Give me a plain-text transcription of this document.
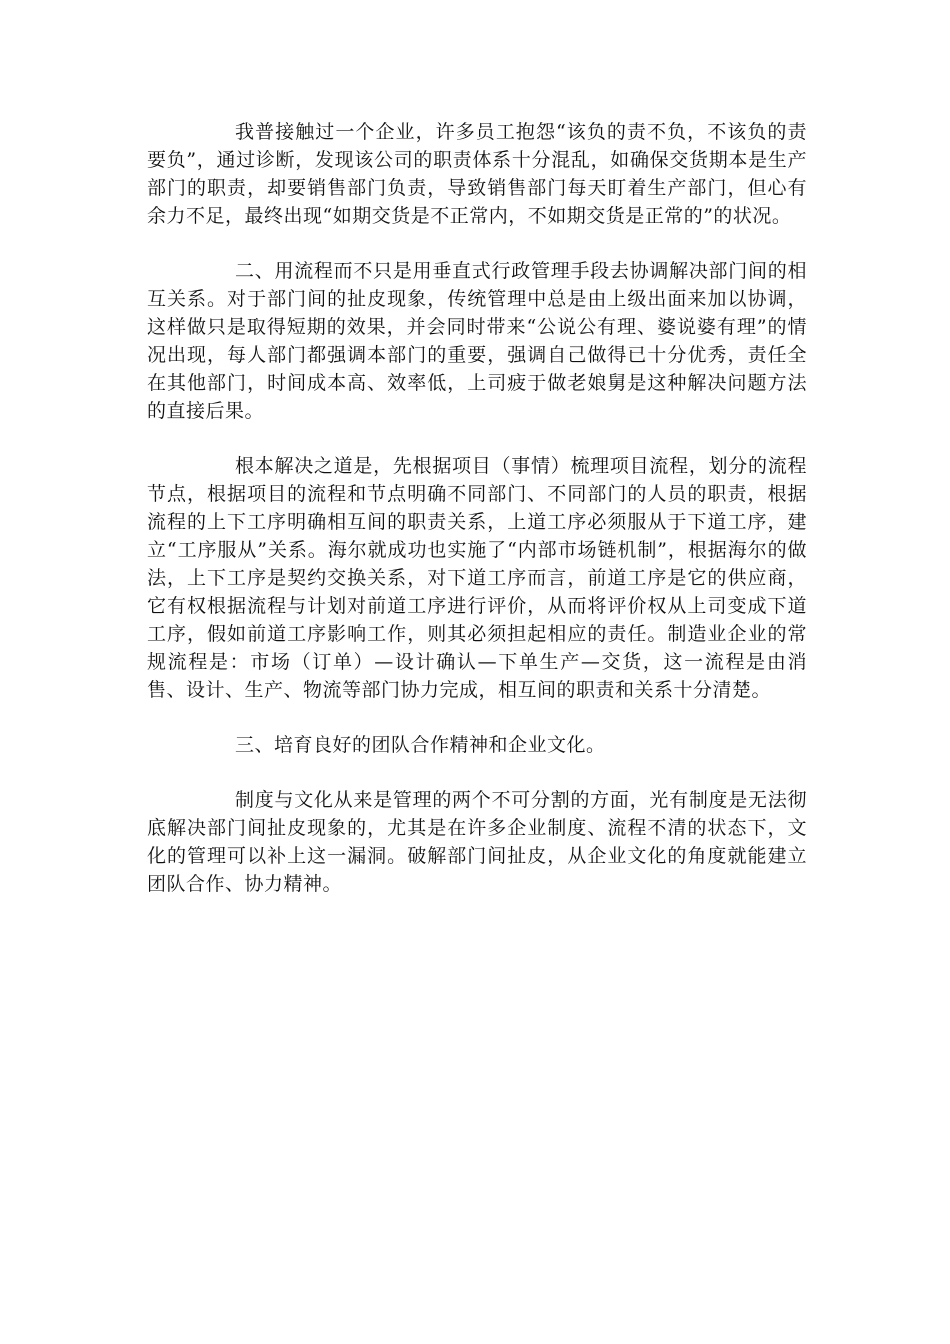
我普接触过一个企业，许多员工抱怨“该负的责不负，不该负的责要负”，通过诊断，发现该公司的职责体系十分混乱，如确保交货期本是生产部门的职责，却要销售部门负责，导致销售部门每天盯着生产部门，但心有余力不足，最终出现“如期交货是不正常内，不如期交货是正常的”的状况。

二、用流程而不只是用垂直式行政管理手段去协调解决部门间的相互关系。对于部门间的扯皮现象，传统管理中总是由上级出面来加以协调，这样做只是取得短期的效果，并会同时带来“公说公有理、婆说婆有理”的情况出现，每人部门都强调本部门的重要，强调自己做得已十分优秀，责任全在其他部门，时间成本高、效率低，上司疲于做老娘舅是这种解决问题方法的直接后果。

根本解决之道是，先根据项目（事情）梳理项目流程，划分的流程节点，根据项目的流程和节点明确不同部门、不同部门的人员的职责，根据流程的上下工序明确相互间的职责关系，上道工序必须服从于下道工序，建立“工序服从”关系。海尔就成功也实施了“内部市场链机制”，根据海尔的做法，上下工序是契约交换关系，对下道工序而言，前道工序是它的供应商，它有权根据流程与计划对前道工序进行评价，从而将评价权从上司变成下道工序，假如前道工序影响工作，则其必须担起相应的责任。制造业企业的常规流程是：市场（订单）—设计确认—下单生产—交货，这一流程是由消售、设计、生产、物流等部门协力完成，相互间的职责和关系十分清楚。

三、培育良好的团队合作精神和企业文化。

制度与文化从来是管理的两个不可分割的方面，光有制度是无法彻底解决部门间扯皮现象的，尤其是在许多企业制度、流程不清的状态下，文化的管理可以补上这一漏洞。破解部门间扯皮，从企业文化的角度就能建立团队合作、协力精神。
